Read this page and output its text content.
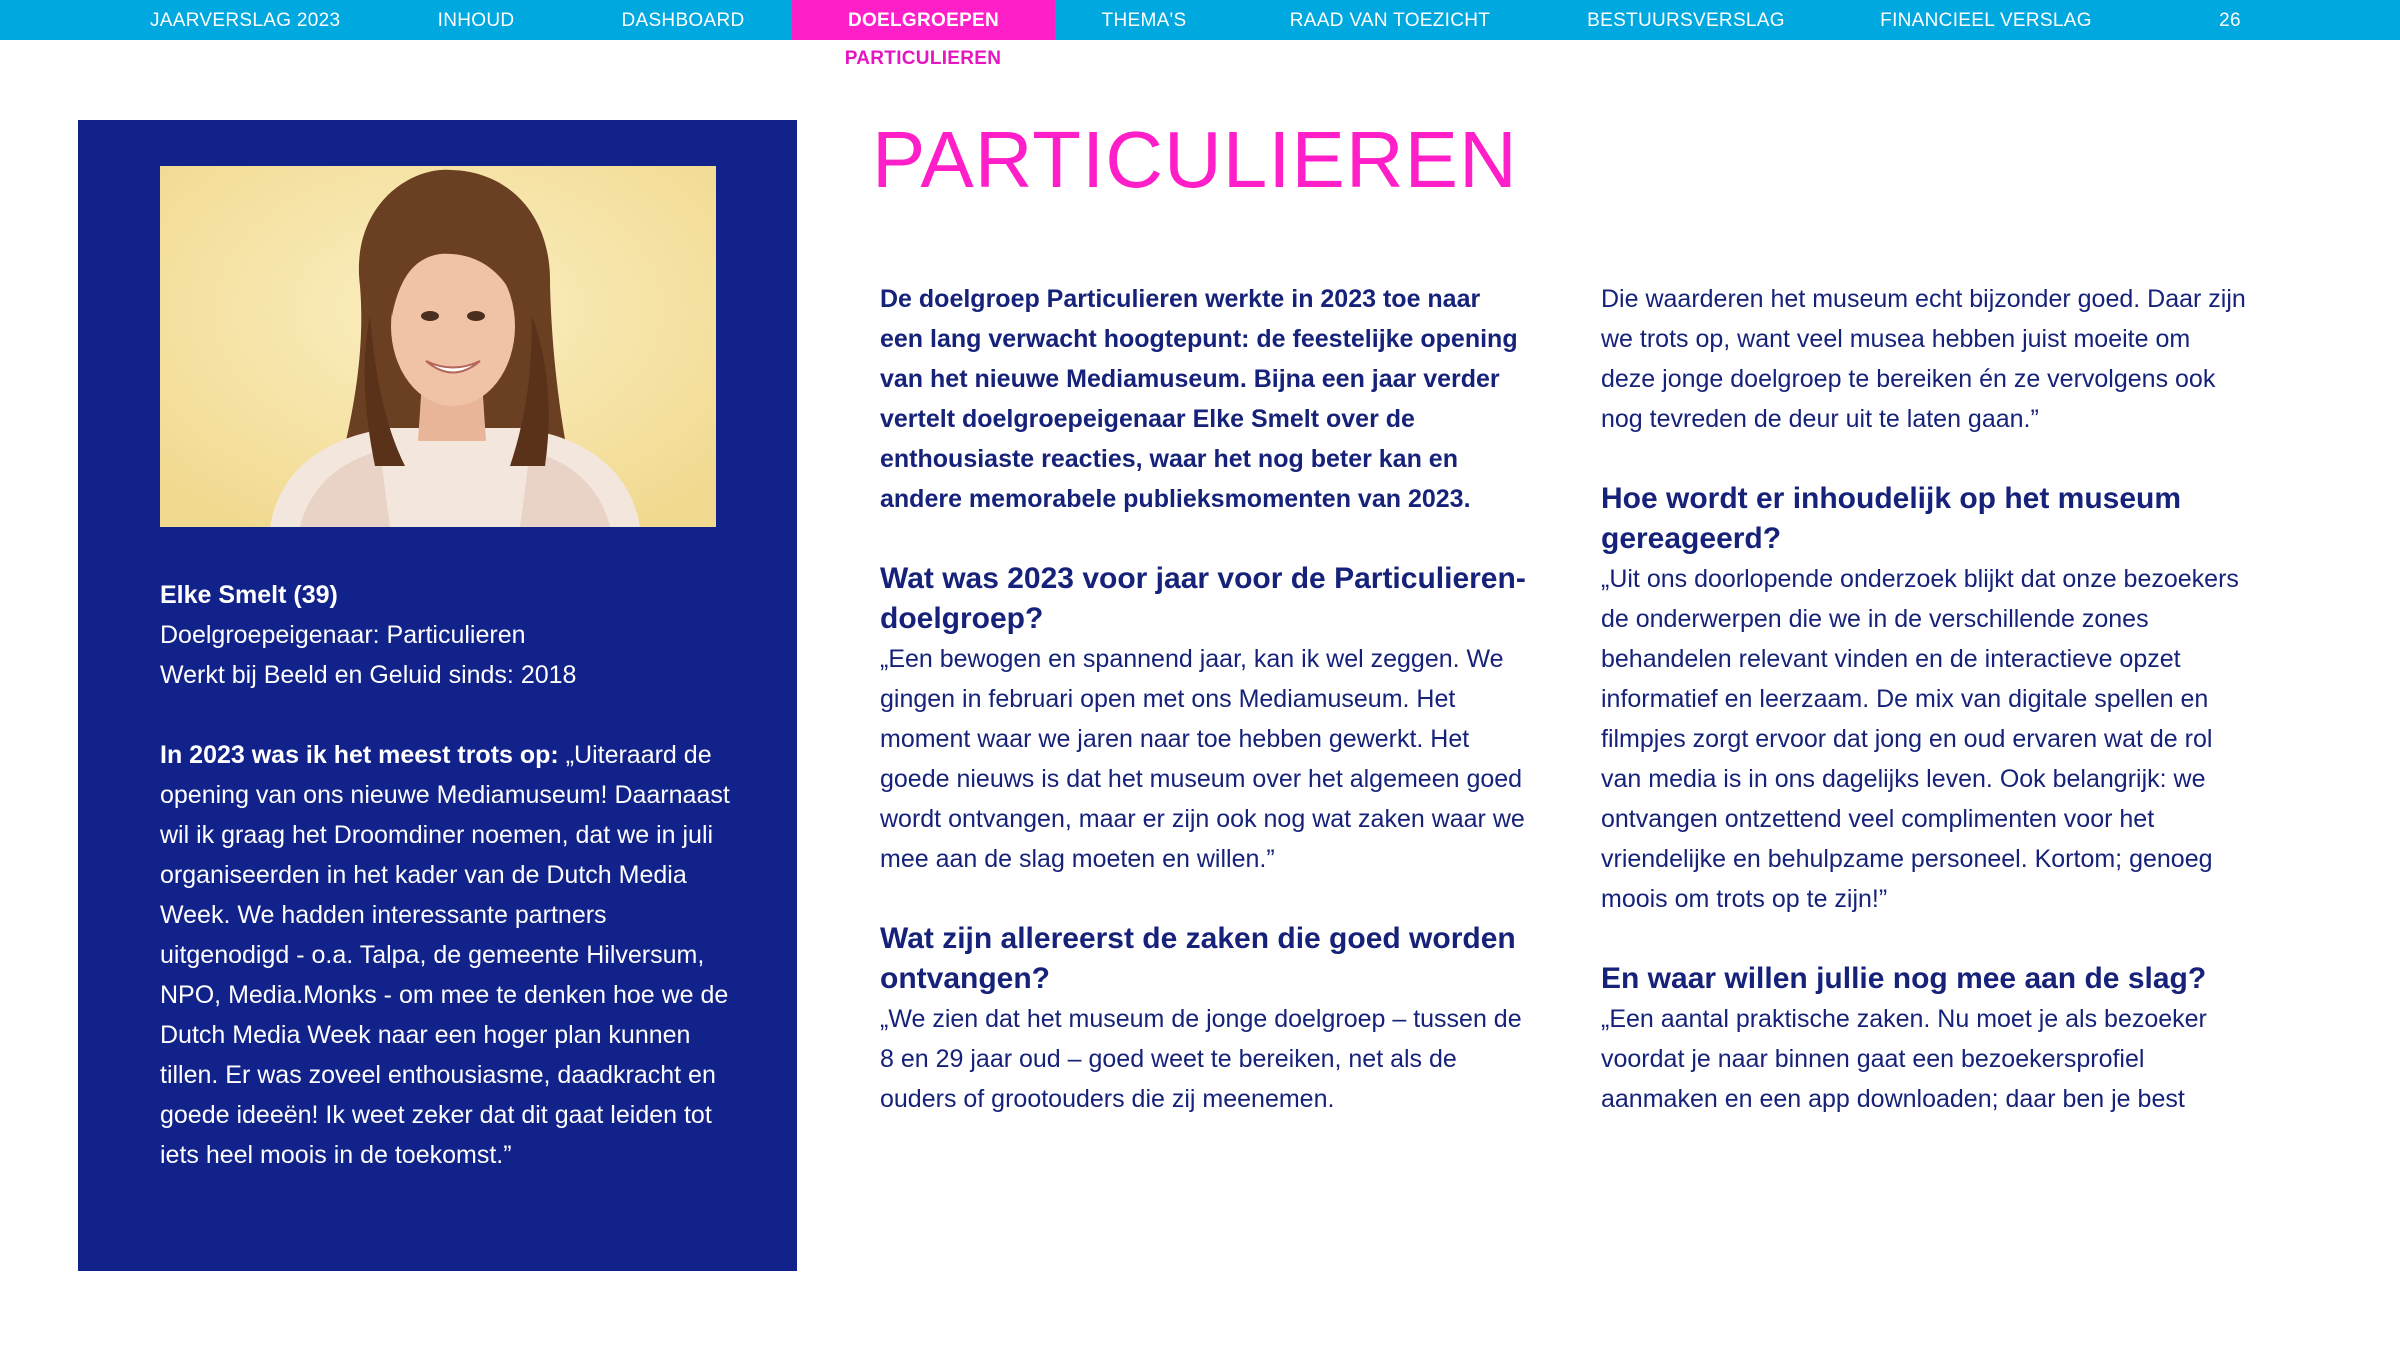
JAARVERSLAG 2023	INHOUD	DASHBOARD	DOELGROEPEN	THEMA'S	RAAD VAN TOEZICHT	BESTUURSVERSLAG	FINANCIEEL VERSLAG	26
PARTICULIEREN

Elke Smelt (39)

Doelgroepeigenaar: Particulieren

Werkt bij Beeld en Geluid sinds: 2018

In 2023 was ik het meest trots op: „Uiteraard de opening van ons nieuwe Mediamuseum! Daarnaast wil ik graag het Droomdiner noemen, dat we in juli organiseerden in het kader van de Dutch Media Week. We hadden interessante partners uitgenodigd - o.a. Talpa, de gemeente Hilversum, NPO, Media.Monks - om mee te denken hoe we de Dutch Media Week naar een hoger plan kunnen tillen. Er was zoveel enthousiasme, daadkracht en goede ideeën! Ik weet zeker dat dit gaat leiden tot iets heel moois in de toekomst.”

PARTICULIEREN

De doelgroep Particulieren werkte in 2023 toe naar een lang verwacht hoogtepunt: de feestelijke opening van het nieuwe Mediamuseum. Bijna een jaar verder vertelt doelgroepeigenaar Elke Smelt over de enthousiaste reacties, waar het nog beter kan en andere memorabele publieksmomenten van 2023.

Wat was 2023 voor jaar voor de Particulieren-doelgroep?

„Een bewogen en spannend jaar, kan ik wel zeggen. We gingen in februari open met ons Mediamuseum. Het moment waar we jaren naar toe hebben gewerkt. Het goede nieuws is dat het museum over het algemeen goed wordt ontvangen, maar er zijn ook nog wat zaken waar we mee aan de slag moeten en willen.”

Wat zijn allereerst de zaken die goed worden ontvangen?

„We zien dat het museum de jonge doelgroep – tussen de 8 en 29 jaar oud – goed weet te bereiken, net als de ouders of grootouders die zij meenemen.

Die waarderen het museum echt bijzonder goed. Daar zijn we trots op, want veel musea hebben juist moeite om deze jonge doelgroep te bereiken én ze vervolgens ook nog tevreden de deur uit te laten gaan.”

Hoe wordt er inhoudelijk op het museum gereageerd?

„Uit ons doorlopende onderzoek blijkt dat onze bezoekers de onderwerpen die we in de verschillende zones behandelen relevant vinden en de interactieve opzet informatief en leerzaam. De mix van digitale spellen en filmpjes zorgt ervoor dat jong en oud ervaren wat de rol van media is in ons dagelijks leven. Ook belangrijk: we ontvangen ontzettend veel complimenten voor het vriendelijke en behulpzame personeel. Kortom; genoeg moois om trots op te zijn!”

En waar willen jullie nog mee aan de slag?

„Een aantal praktische zaken. Nu moet je als bezoeker voordat je naar binnen gaat een bezoekersprofiel aanmaken en een app downloaden; daar ben je best
